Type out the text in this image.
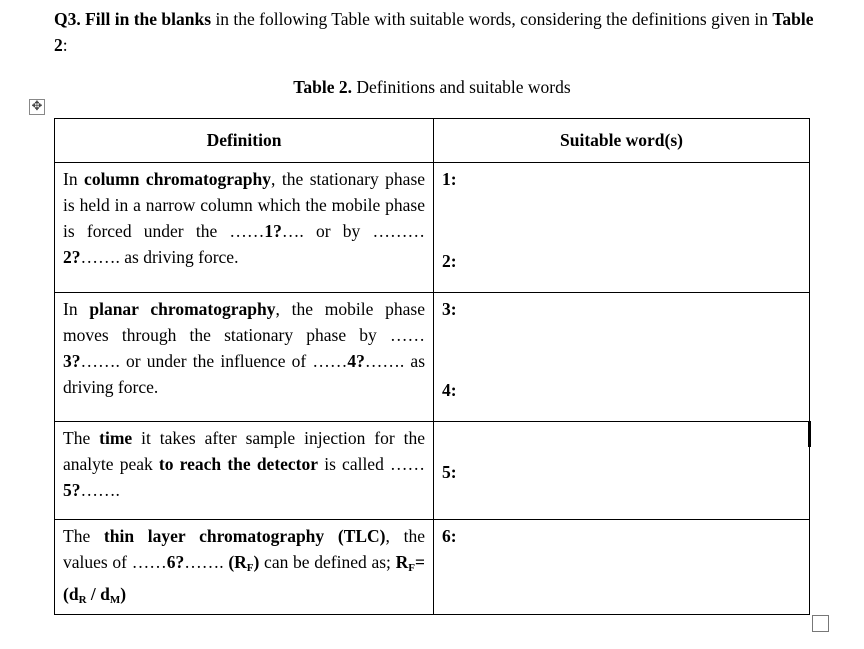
Q3. Fill in the blanks in the following Table with suitable words, considering the definitions given in Table 2:
Table 2. Definitions and suitable words
✥
Definition	Suitable word(s)
In column chromatography, the stationary phase is held in a narrow column which the mobile phase is forced under the ……1?…. or by ………2?……. as driving force.	1:
2:

In planar chromatography, the mobile phase moves through the stationary phase by ……3?……. or under the influence of ……4?……. as driving force.	3:
4:

The time it takes after sample injection for the analyte peak to reach the detector is called ……5?…….	5:

The thin layer chromatography (TLC), the values of ……6?……. $(R_F)$ can be defined as; $R_F= (d_R / d_M)$	6:
